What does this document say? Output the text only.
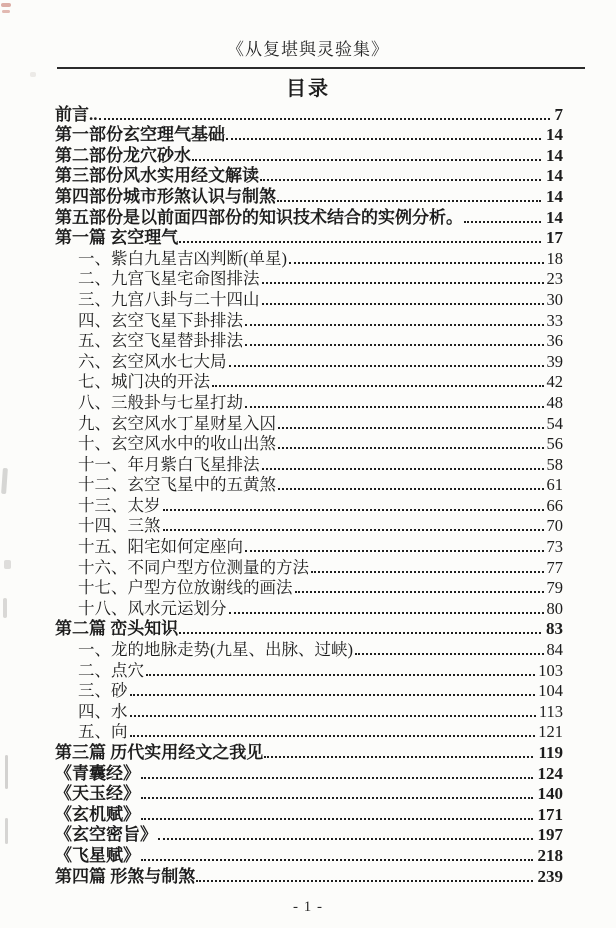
《从复堪與灵验集》
目录
前言..	7
第一部份玄空理气基础	14
第二部份龙穴砂水	14
第三部份风水实用经文解读	14
第四部份城市形煞认识与制煞	14
第五部份是以前面四部份的知识技术结合的实例分析。	14
第一篇 玄空理气	17
一、紫白九星吉凶判断(单星)	18
二、九宫飞星宅命图排法	23
三、九宫八卦与二十四山	30
四、玄空飞星下卦排法	33
五、玄空飞星替卦排法	36
六、玄空风水七大局	39
七、城门决的开法	42
八、三般卦与七星打劫	48
九、玄空风水丁星财星入囚	54
十、玄空风水中的收山出煞	56
十一、年月紫白飞星排法	58
十二、玄空飞星中的五黄煞	61
十三、太岁	66
十四、三煞	70
十五、阳宅如何定座向	73
十六、不同户型方位测量的方法	77
十七、户型方位放谢线的画法	79
十八、风水元运划分	80
第二篇 峦头知识	83
一、龙的地脉走势(九星、出脉、过峡)	84
二、点穴	103
三、砂	104
四、水	113
五、向	121
第三篇 历代实用经文之我见	119
《青囊经》	124
《天玉经》	140
《玄机赋》	171
《玄空密旨》	197
《飞星赋》	218
第四篇 形煞与制煞	239
- 1 -
